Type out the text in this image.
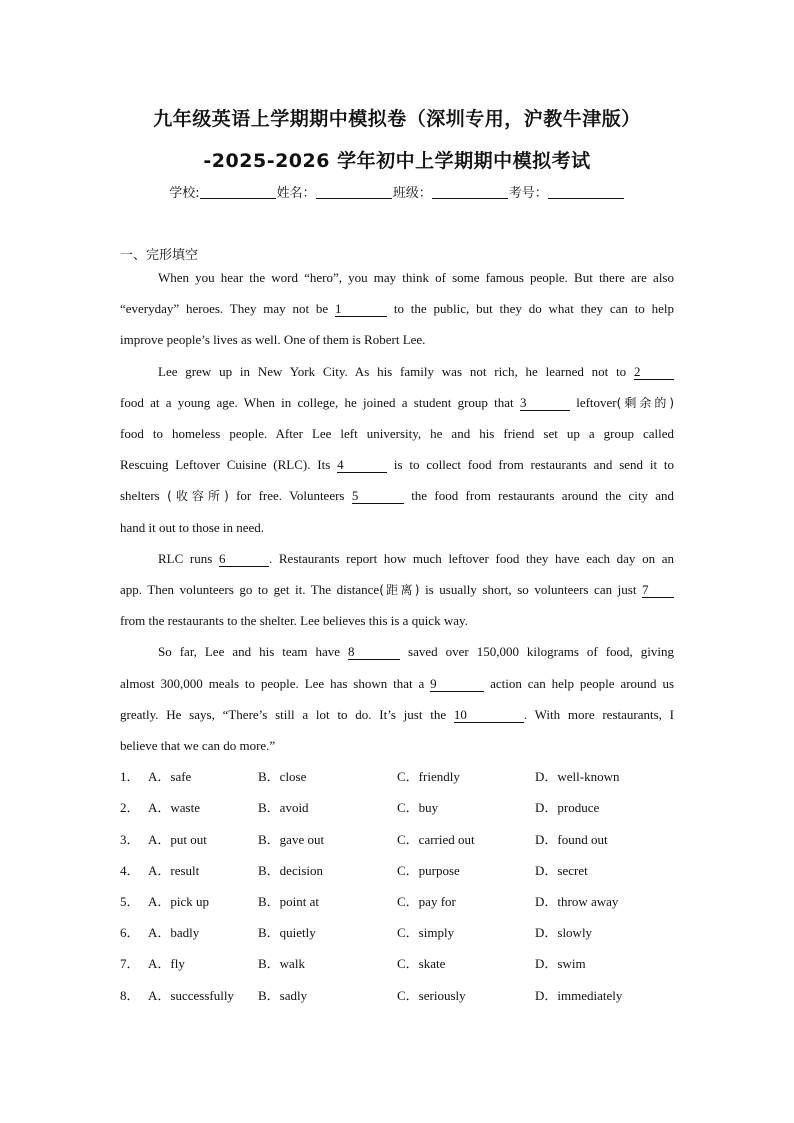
九年级英语上学期期中模拟卷（深圳专用，沪教牛津版）
-2025-2026 学年初中上学期期中模拟考试
学校:	姓名：	班级：	考号：
一、完形填空
When you hear the word “hero”, you may think of some famous people. But there are also
“everyday” heroes. They may not be 1	to the public, but they do what they can to help
improve people’s lives as well. One of them is Robert Lee.
Lee grew up in New York City. As his family was not rich, he learned not to 2
food at a young age. When in college, he joined a student group that 3	leftover(剩余的)
food to homeless people. After Lee left university, he and his friend set up a group called
Rescuing Leftover Cuisine (RLC). Its 4	is to collect food from restaurants and send it to
shelters (收容所) for free. Volunteers 5	the food from restaurants around the city and
hand it out to those in need.
RLC runs 6	. Restaurants report how much leftover food they have each day on an
app. Then volunteers go to get it. The distance(距离) is usually short, so volunteers can just 7
from the restaurants to the shelter. Lee believes this is a quick way.
So far, Lee and his team have 8	saved over 150,000 kilograms of food, giving
almost 300,000 meals to people. Lee has shown that a 9	action can help people around us
greatly. He says, “There’s still a lot to do. It’s just the 10	. With more restaurants, I
believe that we can do more.”
1． A．safe	B．close	C．friendly	D．well-known
2． A．waste	B．avoid	C．buy	D．produce
3． A．put out	B．gave out	C．carried out	D．found out
4． A．result	B．decision	C．purpose	D．secret
5． A．pick up	B．point at	C．pay for	D．throw away
6． A．badly	B．quietly	C．simply	D．slowly
7． A．fly	B．walk	C．skate	D．swim
8． A．successfully B．sadly	C．seriously	D．immediately
